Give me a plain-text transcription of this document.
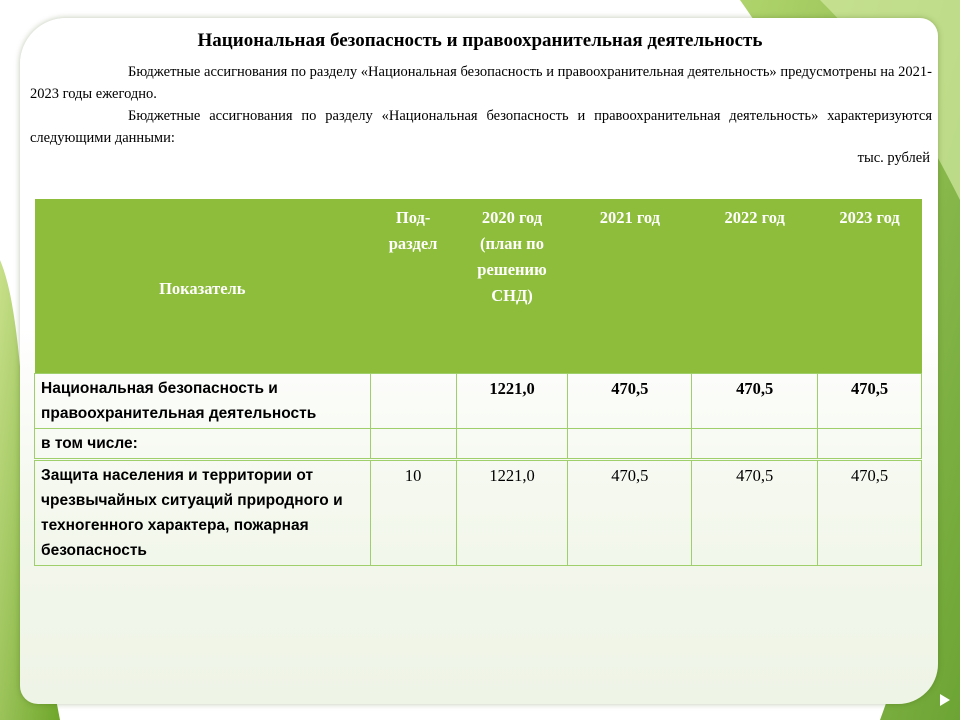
Национальная безопасность и правоохранительная деятельность
Бюджетные ассигнования по разделу «Национальная безопасность и правоохранительная деятельность» предусмотрены на 2021-2023 годы ежегодно.
Бюджетные ассигнования по разделу «Национальная безопасность и правоохранительная деятельность» характеризуются следующими данными:
тыс. рублей
Показатель	Под-раздел	2020 год (план по решению СНД)	2021 год	2022 год	2023 год
Национальная безопасность и правоохранительная деятельность		1221,0	470,5	470,5	470,5
в том числе:					
Защита населения и территории от чрезвычайных ситуаций природного и техногенного характера, пожарная безопасность	10	1221,0	470,5	470,5	470,5
